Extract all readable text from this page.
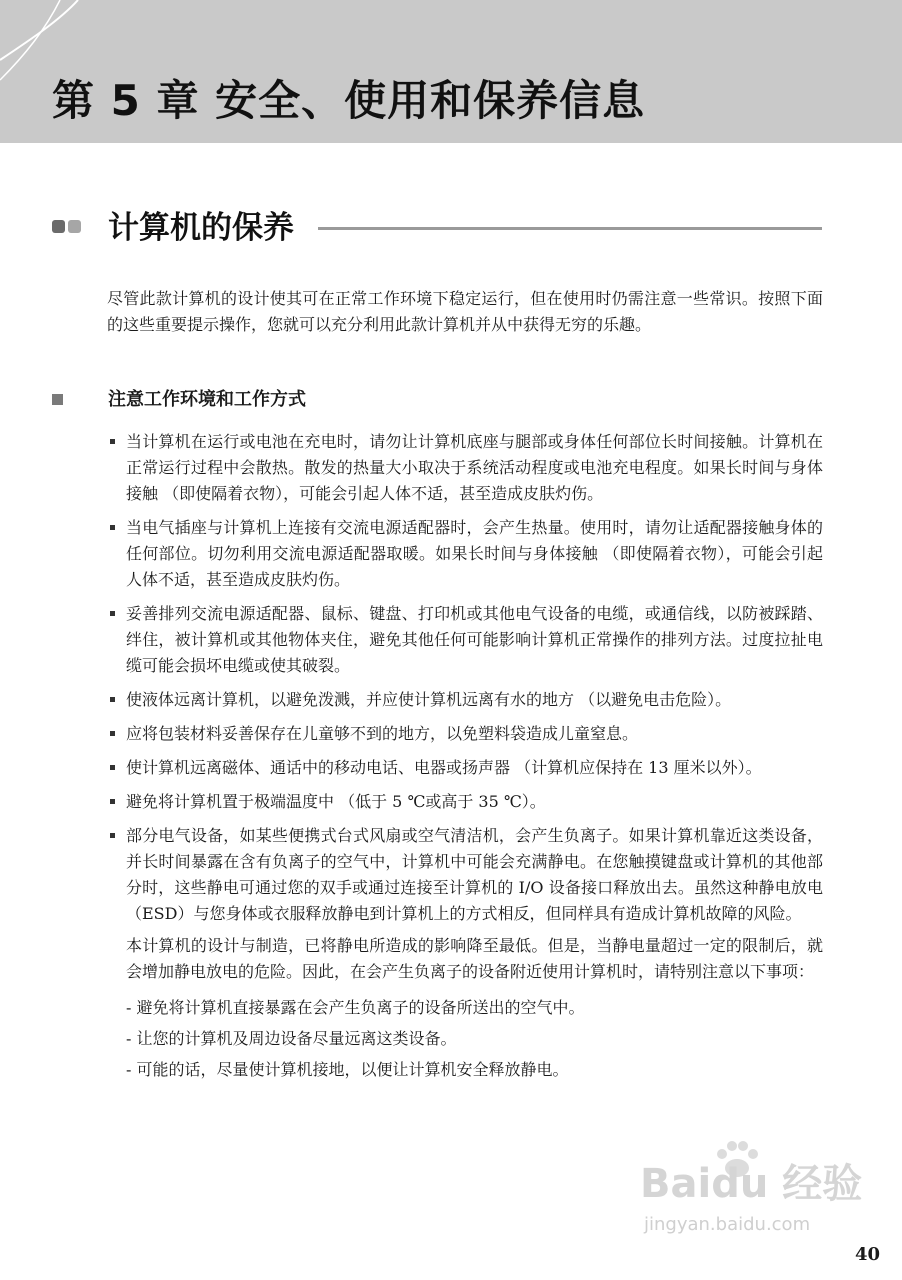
第 5 章 安全、使用和保养信息
计算机的保养

尽管此款计算机的设计使其可在正常工作环境下稳定运行，但在使用时仍需注意一些常识。按照下面的这些重要提示操作，您就可以充分利用此款计算机并从中获得无穷的乐趣。

注意工作环境和工作方式
当计算机在运行或电池在充电时，请勿让计算机底座与腿部或身体任何部位长时间接触。计算机在正常运行过程中会散热。散发的热量大小取决于系统活动程度或电池充电程度。如果长时间与身体接触 （即使隔着衣物），可能会引起人体不适，甚至造成皮肤灼伤。
当电气插座与计算机上连接有交流电源适配器时，会产生热量。使用时，请勿让适配器接触身体的任何部位。切勿利用交流电源适配器取暖。如果长时间与身体接触 （即使隔着衣物），可能会引起人体不适，甚至造成皮肤灼伤。
妥善排列交流电源适配器、鼠标、键盘、打印机或其他电气设备的电缆，或通信线，以防被踩踏、绊住，被计算机或其他物体夹住，避免其他任何可能影响计算机正常操作的排列方法。过度拉扯电缆可能会损坏电缆或使其破裂。
使液体远离计算机，以避免泼溅，并应使计算机远离有水的地方 （以避免电击危险）。
应将包装材料妥善保存在儿童够不到的地方，以免塑料袋造成儿童窒息。
使计算机远离磁体、通话中的移动电话、电器或扬声器 （计算机应保持在 13 厘米以外）。
避免将计算机置于极端温度中 （低于 5 ℃或高于 35 ℃）。
部分电气设备，如某些便携式台式风扇或空气清洁机，会产生负离子。如果计算机靠近这类设备，并长时间暴露在含有负离子的空气中，计算机中可能会充满静电。在您触摸键盘或计算机的其他部分时，这些静电可通过您的双手或通过连接至计算机的 I/O 设备接口释放出去。虽然这种静电放电（ESD）与您身体或衣服释放静电到计算机上的方式相反，但同样具有造成计算机故障的风险。

本计算机的设计与制造，已将静电所造成的影响降至最低。但是，当静电量超过一定的限制后，就会增加静电放电的危险。因此，在会产生负离子的设备附近使用计算机时，请特别注意以下事项：

- 避免将计算机直接暴露在会产生负离子的设备所送出的空气中。
- 让您的计算机及周边设备尽量远离这类设备。
- 可能的话，尽量使计算机接地，以便让计算机安全释放静电。
Baidu 经验
jingyan.baidu.com
40
